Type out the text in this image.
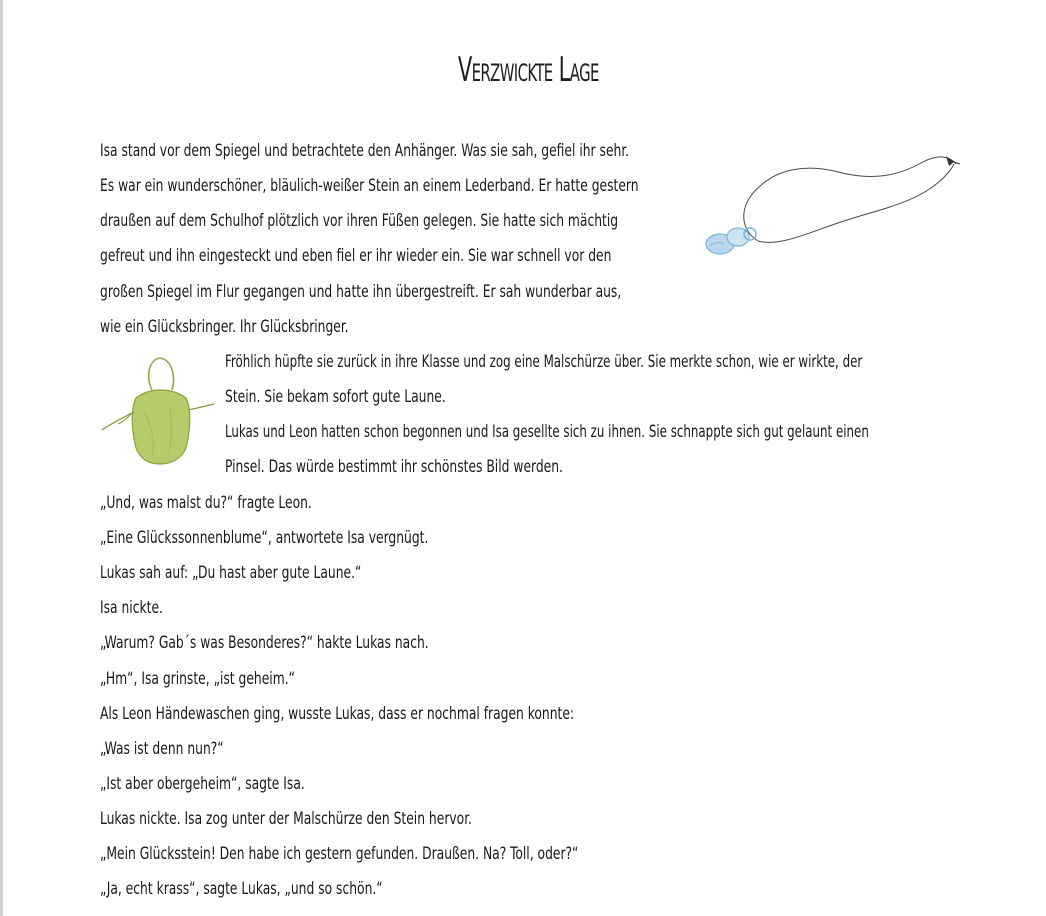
Verzwickte Lage
Isa stand vor dem Spiegel und betrachtete den Anhänger. Was sie sah, gefiel ihr sehr.
Es war ein wunderschöner, bläulich-weißer Stein an einem Lederband. Er hatte gestern
draußen auf dem Schulhof plötzlich vor ihren Füßen gelegen. Sie hatte sich mächtig
gefreut und ihn eingesteckt und eben fiel er ihr wieder ein. Sie war schnell vor den
großen Spiegel im Flur gegangen und hatte ihn übergestreift. Er sah wunderbar aus,
wie ein Glücksbringer. Ihr Glücksbringer.
Fröhlich hüpfte sie zurück in ihre Klasse und zog eine Malschürze über. Sie merkte schon, wie er wirkte, der
Stein. Sie bekam sofort gute Laune.
Lukas und Leon hatten schon begonnen und Isa gesellte sich zu ihnen. Sie schnappte sich gut gelaunt einen
Pinsel. Das würde bestimmt ihr schönstes Bild werden.
„Und, was malst du?“ fragte Leon.
„Eine Glückssonnenblume“, antwortete Isa vergnügt.
Lukas sah auf: „Du hast aber gute Laune.“
Isa nickte.
„Warum? Gab´s was Besonderes?“ hakte Lukas nach.
„Hm“, Isa grinste, „ist geheim.“
Als Leon Händewaschen ging, wusste Lukas, dass er nochmal fragen konnte:
„Was ist denn nun?“
„Ist aber obergeheim“, sagte Isa.
Lukas nickte. Isa zog unter der Malschürze den Stein hervor.
„Mein Glücksstein! Den habe ich gestern gefunden. Draußen. Na? Toll, oder?“
„Ja, echt krass“, sagte Lukas, „und so schön.“
